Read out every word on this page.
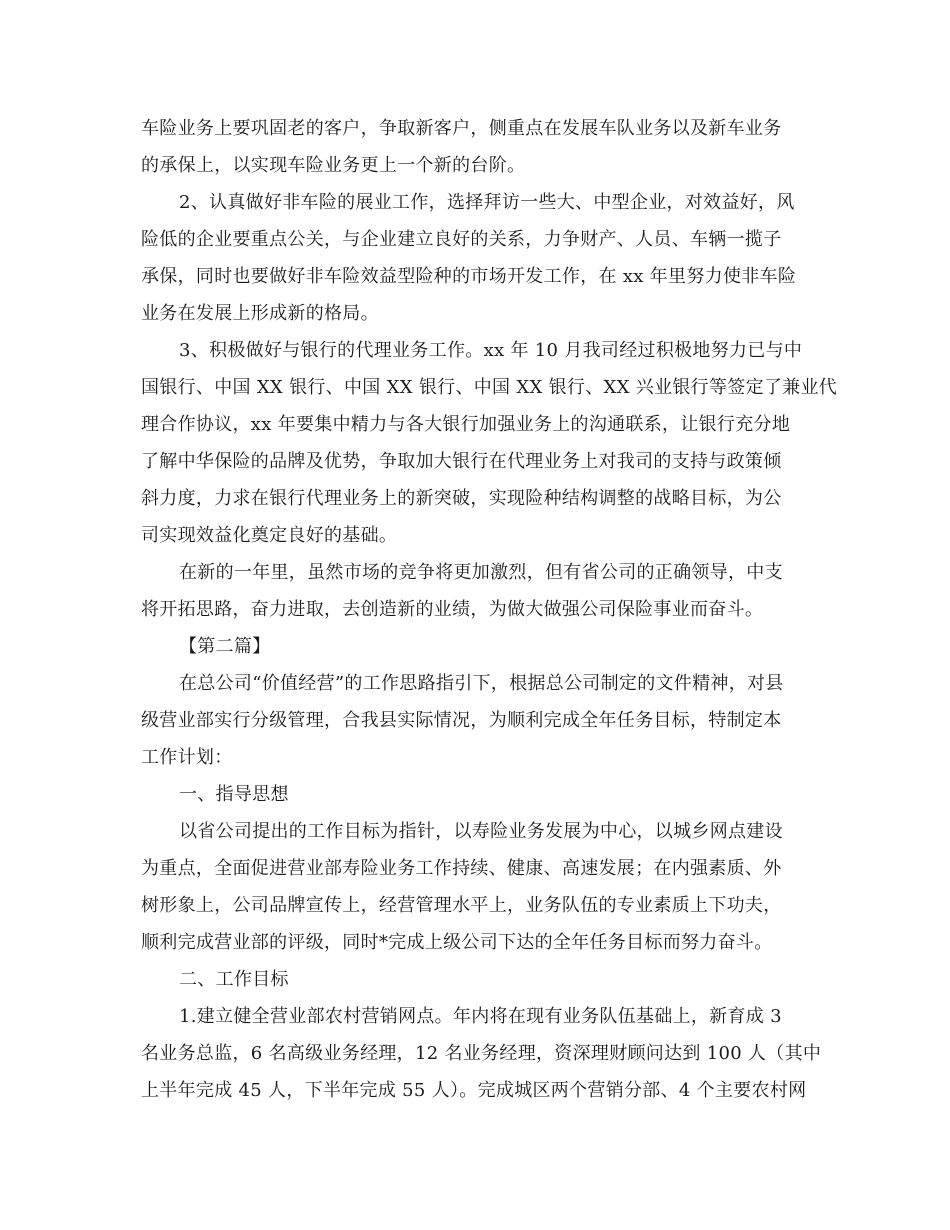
车险业务上要巩固老的客户，争取新客户，侧重点在发展车队业务以及新车业务
的承保上，以实现车险业务更上一个新的台阶。

2、认真做好非车险的展业工作，选择拜访一些大、中型企业，对效益好，风
险低的企业要重点公关，与企业建立良好的关系，力争财产、人员、车辆一揽子
承保，同时也要做好非车险效益型险种的市场开发工作，在 xx 年里努力使非车险
业务在发展上形成新的格局。

3、积极做好与银行的代理业务工作。xx 年 10 月我司经过积极地努力已与中
国银行、中国 XX 银行、中国 XX 银行、中国 XX 银行、XX 兴业银行等签定了兼业代
理合作协议，xx 年要集中精力与各大银行加强业务上的沟通联系，让银行充分地
了解中华保险的品牌及优势，争取加大银行在代理业务上对我司的支持与政策倾
斜力度，力求在银行代理业务上的新突破，实现险种结构调整的战略目标，为公
司实现效益化奠定良好的基础。

在新的一年里，虽然市场的竞争将更加激烈，但有省公司的正确领导，中支
将开拓思路，奋力进取，去创造新的业绩，为做大做强公司保险事业而奋斗。

【第二篇】

在总公司“价值经营”的工作思路指引下，根据总公司制定的文件精神，对县
级营业部实行分级管理，合我县实际情况，为顺利完成全年任务目标，特制定本
工作计划：

一、指导思想

以省公司提出的工作目标为指针，以寿险业务发展为中心，以城乡网点建设
为重点，全面促进营业部寿险业务工作持续、健康、高速发展；在内强素质、外
树形象上，公司品牌宣传上，经营管理水平上，业务队伍的专业素质上下功夫，
顺利完成营业部的评级，同时*完成上级公司下达的全年任务目标而努力奋斗。

二、工作目标

1.建立健全营业部农村营销网点。年内将在现有业务队伍基础上，新育成 3
名业务总监，6 名高级业务经理，12 名业务经理，资深理财顾问达到 100 人（其中
上半年完成 45 人，下半年完成 55 人）。完成城区两个营销分部、4 个主要农村网
